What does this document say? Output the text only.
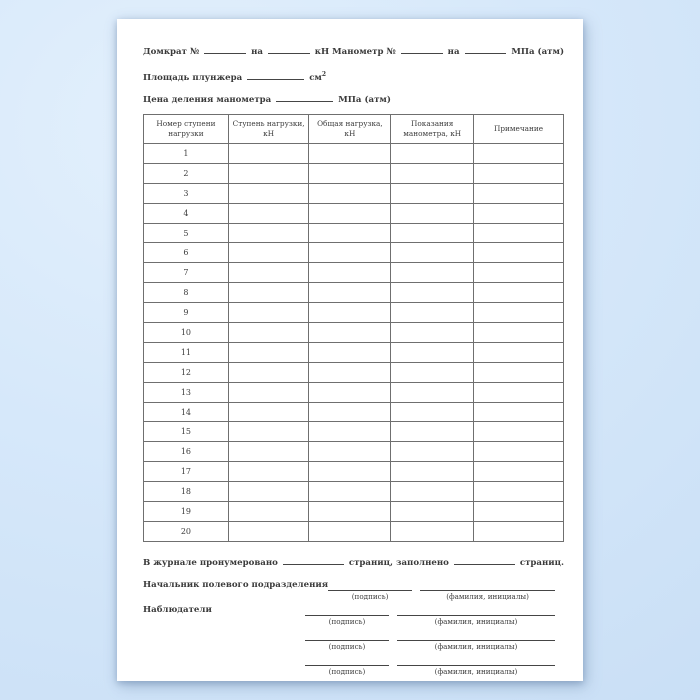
Домкрат №	на	кН Манометр №	на	МПа (атм)
Площадь плунжера	$см^2$
Цена деления манометра	МПа (атм)
Номер ступени нагрузки	Ступень нагрузки, кН	Общая нагрузка, кН	Показания манометра, кН	Примечание
1				
2				
3				
4				
5				
6				
7				
8				
9				
10				
11				
12				
13				
14				
15				
16				
17				
18				
19				
20				
В журнале пронумеровано	страниц, заполнено	страниц.
Начальник полевого подразделения
(подпись)	(фамилия, инициалы)
Наблюдатели
(подпись)	(фамилия, инициалы)
(подпись)	(фамилия, инициалы)
(подпись)	(фамилия, инициалы)
